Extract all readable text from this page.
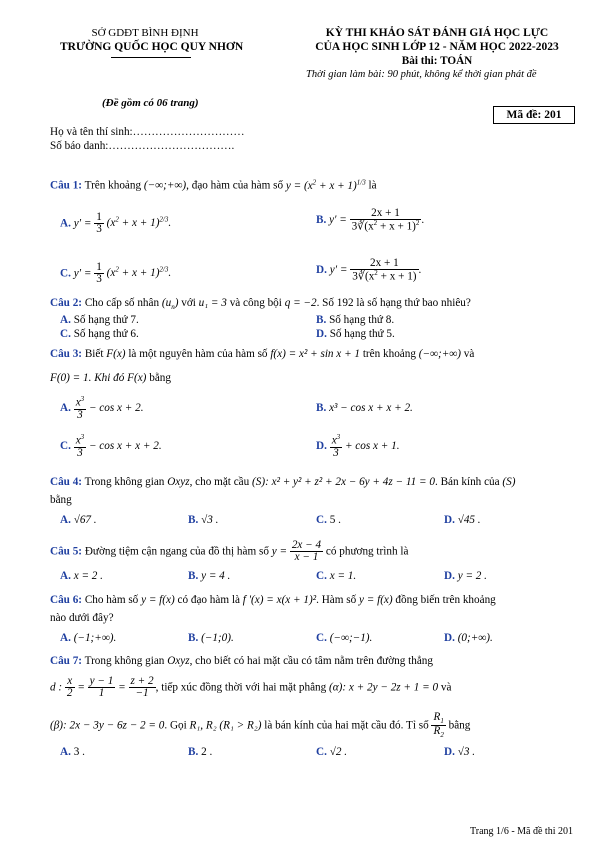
SỞ GDĐT BÌNH ĐỊNH
TRƯỜNG QUỐC HỌC QUY NHƠN
KỲ THI KHẢO SÁT ĐÁNH GIÁ HỌC LỰC
CỦA HỌC SINH LỚP 12 - NĂM HỌC 2022-2023
Bài thi: TOÁN
Thời gian làm bài: 90 phút, không kể thời gian phát đề
(Đề gồm có 06 trang)
Mã đề: 201
Họ và tên thí sinh:…………………………
Số báo danh:…………………………….
Câu 1: Trên khoảng (−∞;+∞), đạo hàm của hàm số $y = (x^2 + x + 1)^{1/3}$ là
A. $y' = \frac{1}{3} (x^2 + x + 1)^{2/3}$.	B. $y' = \frac{2x + 1}{3∛(x^2 + x + 1)^2}$ .
C. $y' = \frac{1}{3} (x^2 + x + 1)^{2/3}$.	D. $y' = \frac{2x + 1}{3∛(x^2 + x + 1)}$ .
Câu 2: Cho cấp số nhân $(u_n)$ với u₁ = 3 và công bội q = −2. Số 192 là số hạng thứ bao nhiêu?
A. Số hạng thứ 7.	B. Số hạng thứ 8.
C. Số hạng thứ 6.	D. Số hạng thứ 5.
Câu 3: Biết F(x) là một nguyên hàm của hàm số f(x) = x² + sin x + 1 trên khoảng (−∞;+∞) và
F(0) = 1. Khi đó F(x) bằng
A. $\frac{x^3}{3} - \cos x + 2$.	B. x³ − cos x + x + 2.
C. $\frac{x^3}{3} - \cos x + x + 2$.	D. $\frac{x^3}{3} + \cos x + 1$.
Câu 4: Trong không gian Oxyz, cho mặt cầu (S): x² + y² + z² + 2x − 6y + 4z − 11 = 0. Bán kính của (S)
bằng
A. √67 .	B. √3 .	C. 5 .	D. √45 .
Câu 5: Đường tiệm cận ngang của đồ thị hàm số $y = \frac{2x - 4}{x - 1}$ có phương trình là
A. x = 2 .	B. y = 4 .	C. x = 1.	D. y = 2 .
Câu 6: Cho hàm số y = f(x) có đạo hàm là f '(x) = x(x + 1)². Hàm số y = f(x) đồng biến trên khoảng
nào dưới đây?
A. (−1;+∞).	B. (−1;0).	C. (−∞;−1).	D. (0;+∞).
Câu 7: Trong không gian Oxyz, cho biết có hai mặt cầu có tâm nằm trên đường thẳng
d : $\frac{x}{2} = \frac{y - 1}{1} = \frac{z + 2}{-1}$ , tiếp xúc đồng thời với hai mặt phẳng (α): x + 2y − 2z + 1 = 0 và
(β): 2x − 3y − 6z − 2 = 0. Gọi R₁, R₂ (R₁ > R₂) là bán kính của hai mặt cầu đó. Tỉ số $\frac{R_1}{R_2}$ bằng
A. 3 .	B. 2 .	C. √2 .	D. √3 .
Trang 1/6 - Mã đề thi 201
